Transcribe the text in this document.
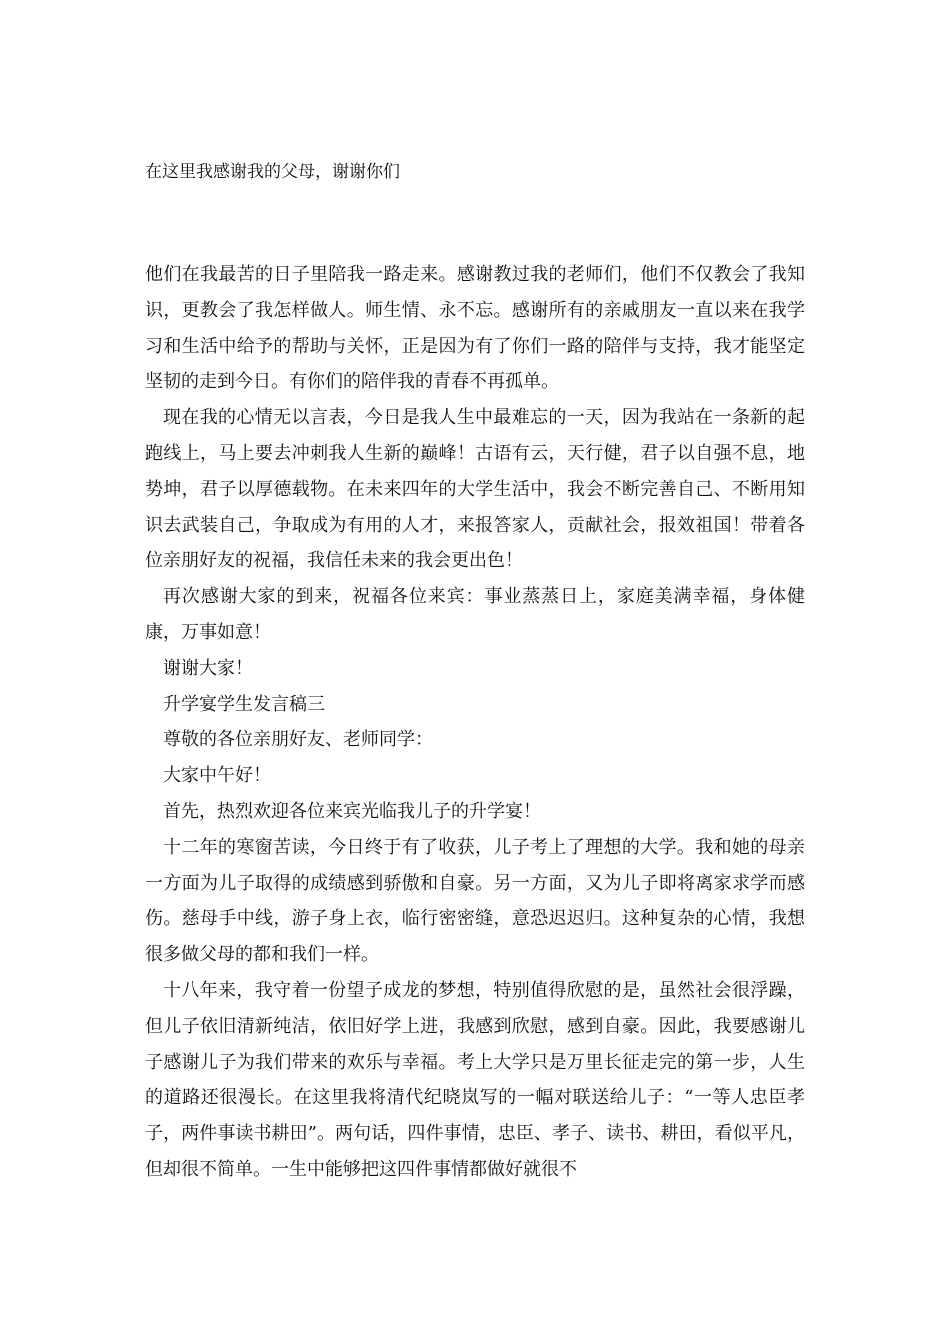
在这里我感谢我的父母，谢谢你们

他们在我最苦的日子里陪我一路走来。感谢教过我的老师们，他们不仅教会了我知识，更教会了我怎样做人。师生情、永不忘。感谢所有的亲戚朋友一直以来在我学习和生活中给予的帮助与关怀，正是因为有了你们一路的陪伴与支持，我才能坚定坚韧的走到今日。有你们的陪伴我的青春不再孤单。

现在我的心情无以言表，今日是我人生中最难忘的一天，因为我站在一条新的起跑线上，马上要去冲刺我人生新的巅峰！古语有云，天行健，君子以自强不息，地势坤，君子以厚德载物。在未来四年的大学生活中，我会不断完善自己、不断用知识去武装自己，争取成为有用的人才，来报答家人，贡献社会，报效祖国！带着各位亲朋好友的祝福，我信任未来的我会更出色！

再次感谢大家的到来，祝福各位来宾：事业蒸蒸日上，家庭美满幸福，身体健康，万事如意！

谢谢大家！

升学宴学生发言稿三

尊敬的各位亲朋好友、老师同学：

大家中午好！

首先，热烈欢迎各位来宾光临我儿子的升学宴！

十二年的寒窗苦读，今日终于有了收获，儿子考上了理想的大学。我和她的母亲一方面为儿子取得的成绩感到骄傲和自豪。另一方面，又为儿子即将离家求学而感伤。慈母手中线，游子身上衣，临行密密缝，意恐迟迟归。这种复杂的心情，我想很多做父母的都和我们一样。

十八年来，我守着一份望子成龙的梦想，特别值得欣慰的是，虽然社会很浮躁，但儿子依旧清新纯洁，依旧好学上进，我感到欣慰，感到自豪。因此，我要感谢儿子感谢儿子为我们带来的欢乐与幸福。考上大学只是万里长征走完的第一步，人生的道路还很漫长。在这里我将清代纪晓岚写的一幅对联送给儿子：“一等人忠臣孝子，两件事读书耕田”。两句话，四件事情，忠臣、孝子、读书、耕田，看似平凡，但却很不简单。一生中能够把这四件事情都做好就很不
